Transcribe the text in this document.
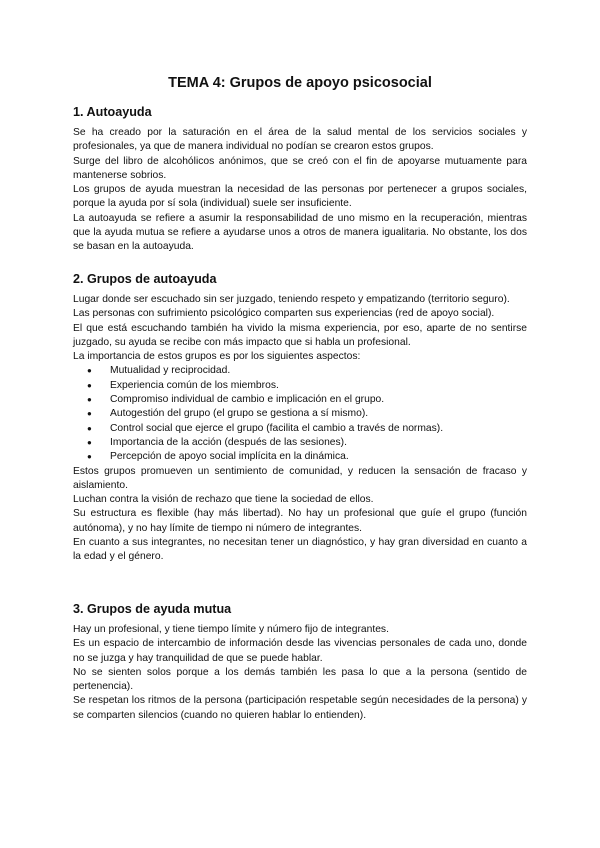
TEMA 4: Grupos de apoyo psicosocial
1. Autoayuda

Se ha creado por la saturación en el área de la salud mental de los servicios sociales y profesionales, ya que de manera individual no podían se crearon estos grupos.

Surge del libro de alcohólicos anónimos, que se creó con el fin de apoyarse mutuamente para mantenerse sobrios.

Los grupos de ayuda muestran la necesidad de las personas por pertenecer a grupos sociales, porque la ayuda por sí sola (individual) suele ser insuficiente.

La autoayuda se refiere a asumir la responsabilidad de uno mismo en la recuperación, mientras que la ayuda mutua se refiere a ayudarse unos a otros de manera igualitaria. No obstante, los dos se basan en la autoayuda.

2. Grupos de autoayuda

Lugar donde ser escuchado sin ser juzgado, teniendo respeto y empatizando (territorio seguro).

Las personas con sufrimiento psicológico comparten sus experiencias (red de apoyo social).

El que está escuchando también ha vivido la misma experiencia, por eso, aparte de no sentirse juzgado, su ayuda se recibe con más impacto que si habla un profesional.

La importancia de estos grupos es por los siguientes aspectos:

● Mutualidad y reciprocidad.
● Experiencia común de los miembros.
● Compromiso individual de cambio e implicación en el grupo.
● Autogestión del grupo (el grupo se gestiona a sí mismo).
● Control social que ejerce el grupo (facilita el cambio a través de normas).
● Importancia de la acción (después de las sesiones).
● Percepción de apoyo social implícita en la dinámica.

Estos grupos promueven un sentimiento de comunidad, y reducen la sensación de fracaso y aislamiento.

Luchan contra la visión de rechazo que tiene la sociedad de ellos.

Su estructura es flexible (hay más libertad). No hay un profesional que guíe el grupo (función autónoma), y no hay límite de tiempo ni número de integrantes.

En cuanto a sus integrantes, no necesitan tener un diagnóstico, y hay gran diversidad en cuanto a la edad y el género.

3. Grupos de ayuda mutua

Hay un profesional, y tiene tiempo límite y número fijo de integrantes.

Es un espacio de intercambio de información desde las vivencias personales de cada uno, donde no se juzga y hay tranquilidad de que se puede hablar.

No se sienten solos porque a los demás también les pasa lo que a la persona (sentido de pertenencia).

Se respetan los ritmos de la persona (participación respetable según necesidades de la persona) y se comparten silencios (cuando no quieren hablar lo entienden).
